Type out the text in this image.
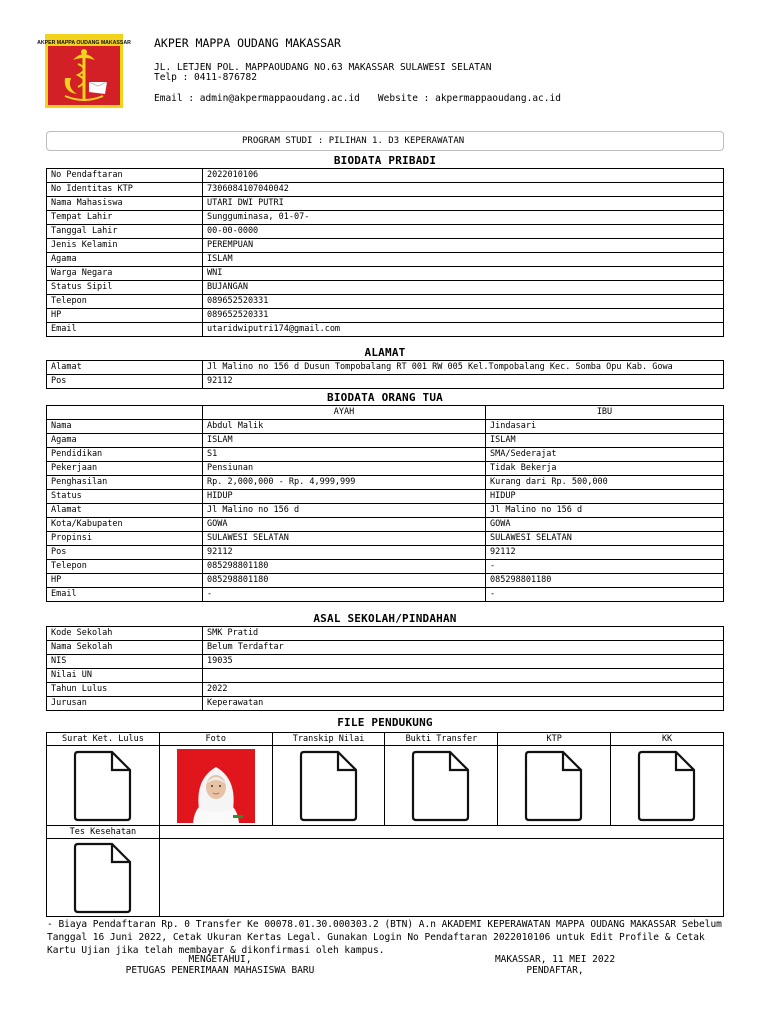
AKPER MAPPA OUDANG MAKASSAR AKPER MAPPA OUDANG MAKASSAR
JL. LETJEN POL. MAPPAOUDANG NO.63 MAKASSAR SULAWESI SELATAN
Telp : 0411-876782
Email : admin@akpermappaoudang.ac.id Website : akpermappaoudang.ac.id
PROGRAM STUDI : PILIHAN 1. D3 KEPERAWATAN
BIODATA PRIBADI
No Pendaftaran	2022010106
No Identitas KTP	7306084107040042
Nama Mahasiswa	UTARI DWI PUTRI
Tempat Lahir	Sungguminasa, 01-07-
Tanggal Lahir	00-00-0000
Jenis Kelamin	PEREMPUAN
Agama	ISLAM
Warga Negara	WNI
Status Sipil	BUJANGAN
Telepon	089652520331
HP	089652520331
Email	utaridwiputri174@gmail.com
ALAMAT
Alamat	Jl Malino no 156 d Dusun Tompobalang RT 001 RW 005 Kel.Tompobalang Kec. Somba Opu Kab. Gowa
Pos	92112
BIODATA ORANG TUA
	AYAH	IBU
Nama	Abdul Malik	Jindasari
Agama	ISLAM	ISLAM
Pendidikan	S1	SMA/Sederajat
Pekerjaan	Pensiunan	Tidak Bekerja
Penghasilan	Rp. 2,000,000 - Rp. 4,999,999	Kurang dari Rp. 500,000
Status	HIDUP	HIDUP
Alamat	Jl Malino no 156 d	Jl Malino no 156 d
Kota/Kabupaten	GOWA	GOWA
Propinsi	SULAWESI SELATAN	SULAWESI SELATAN
Pos	92112	92112
Telepon	085298801180	-
HP	085298801180	085298801180
Email	-	-
ASAL SEKOLAH/PINDAHAN
Kode Sekolah	SMK Pratid
Nama Sekolah	Belum Terdaftar
NIS	19035
Nilai UN	
Tahun Lulus	2022
Jurusan	Keperawatan
FILE PENDUKUNG
Surat Ket. Lulus	Foto	Transkip Nilai	Bukti Transfer	KTP	KK

Tes Kesehatan					

- Biaya Pendaftaran Rp. 0 Transfer Ke 00078.01.30.000303.2 (BTN) A.n AKADEMI KEPERAWATAN MAPPA OUDANG MAKASSAR Sebelum Tanggal 16 Juni 2022, Cetak Ukuran Kertas Legal. Gunakan Login No Pendaftaran 2022010106 untuk Edit Profile & Cetak Kartu Ujian jika telah membayar & dikonfirmasi oleh kampus.
MENGETAHUI,
PETUGAS PENERIMAAN MAHASISWA BARU
MAKASSAR, 11 MEI 2022
PENDAFTAR,
